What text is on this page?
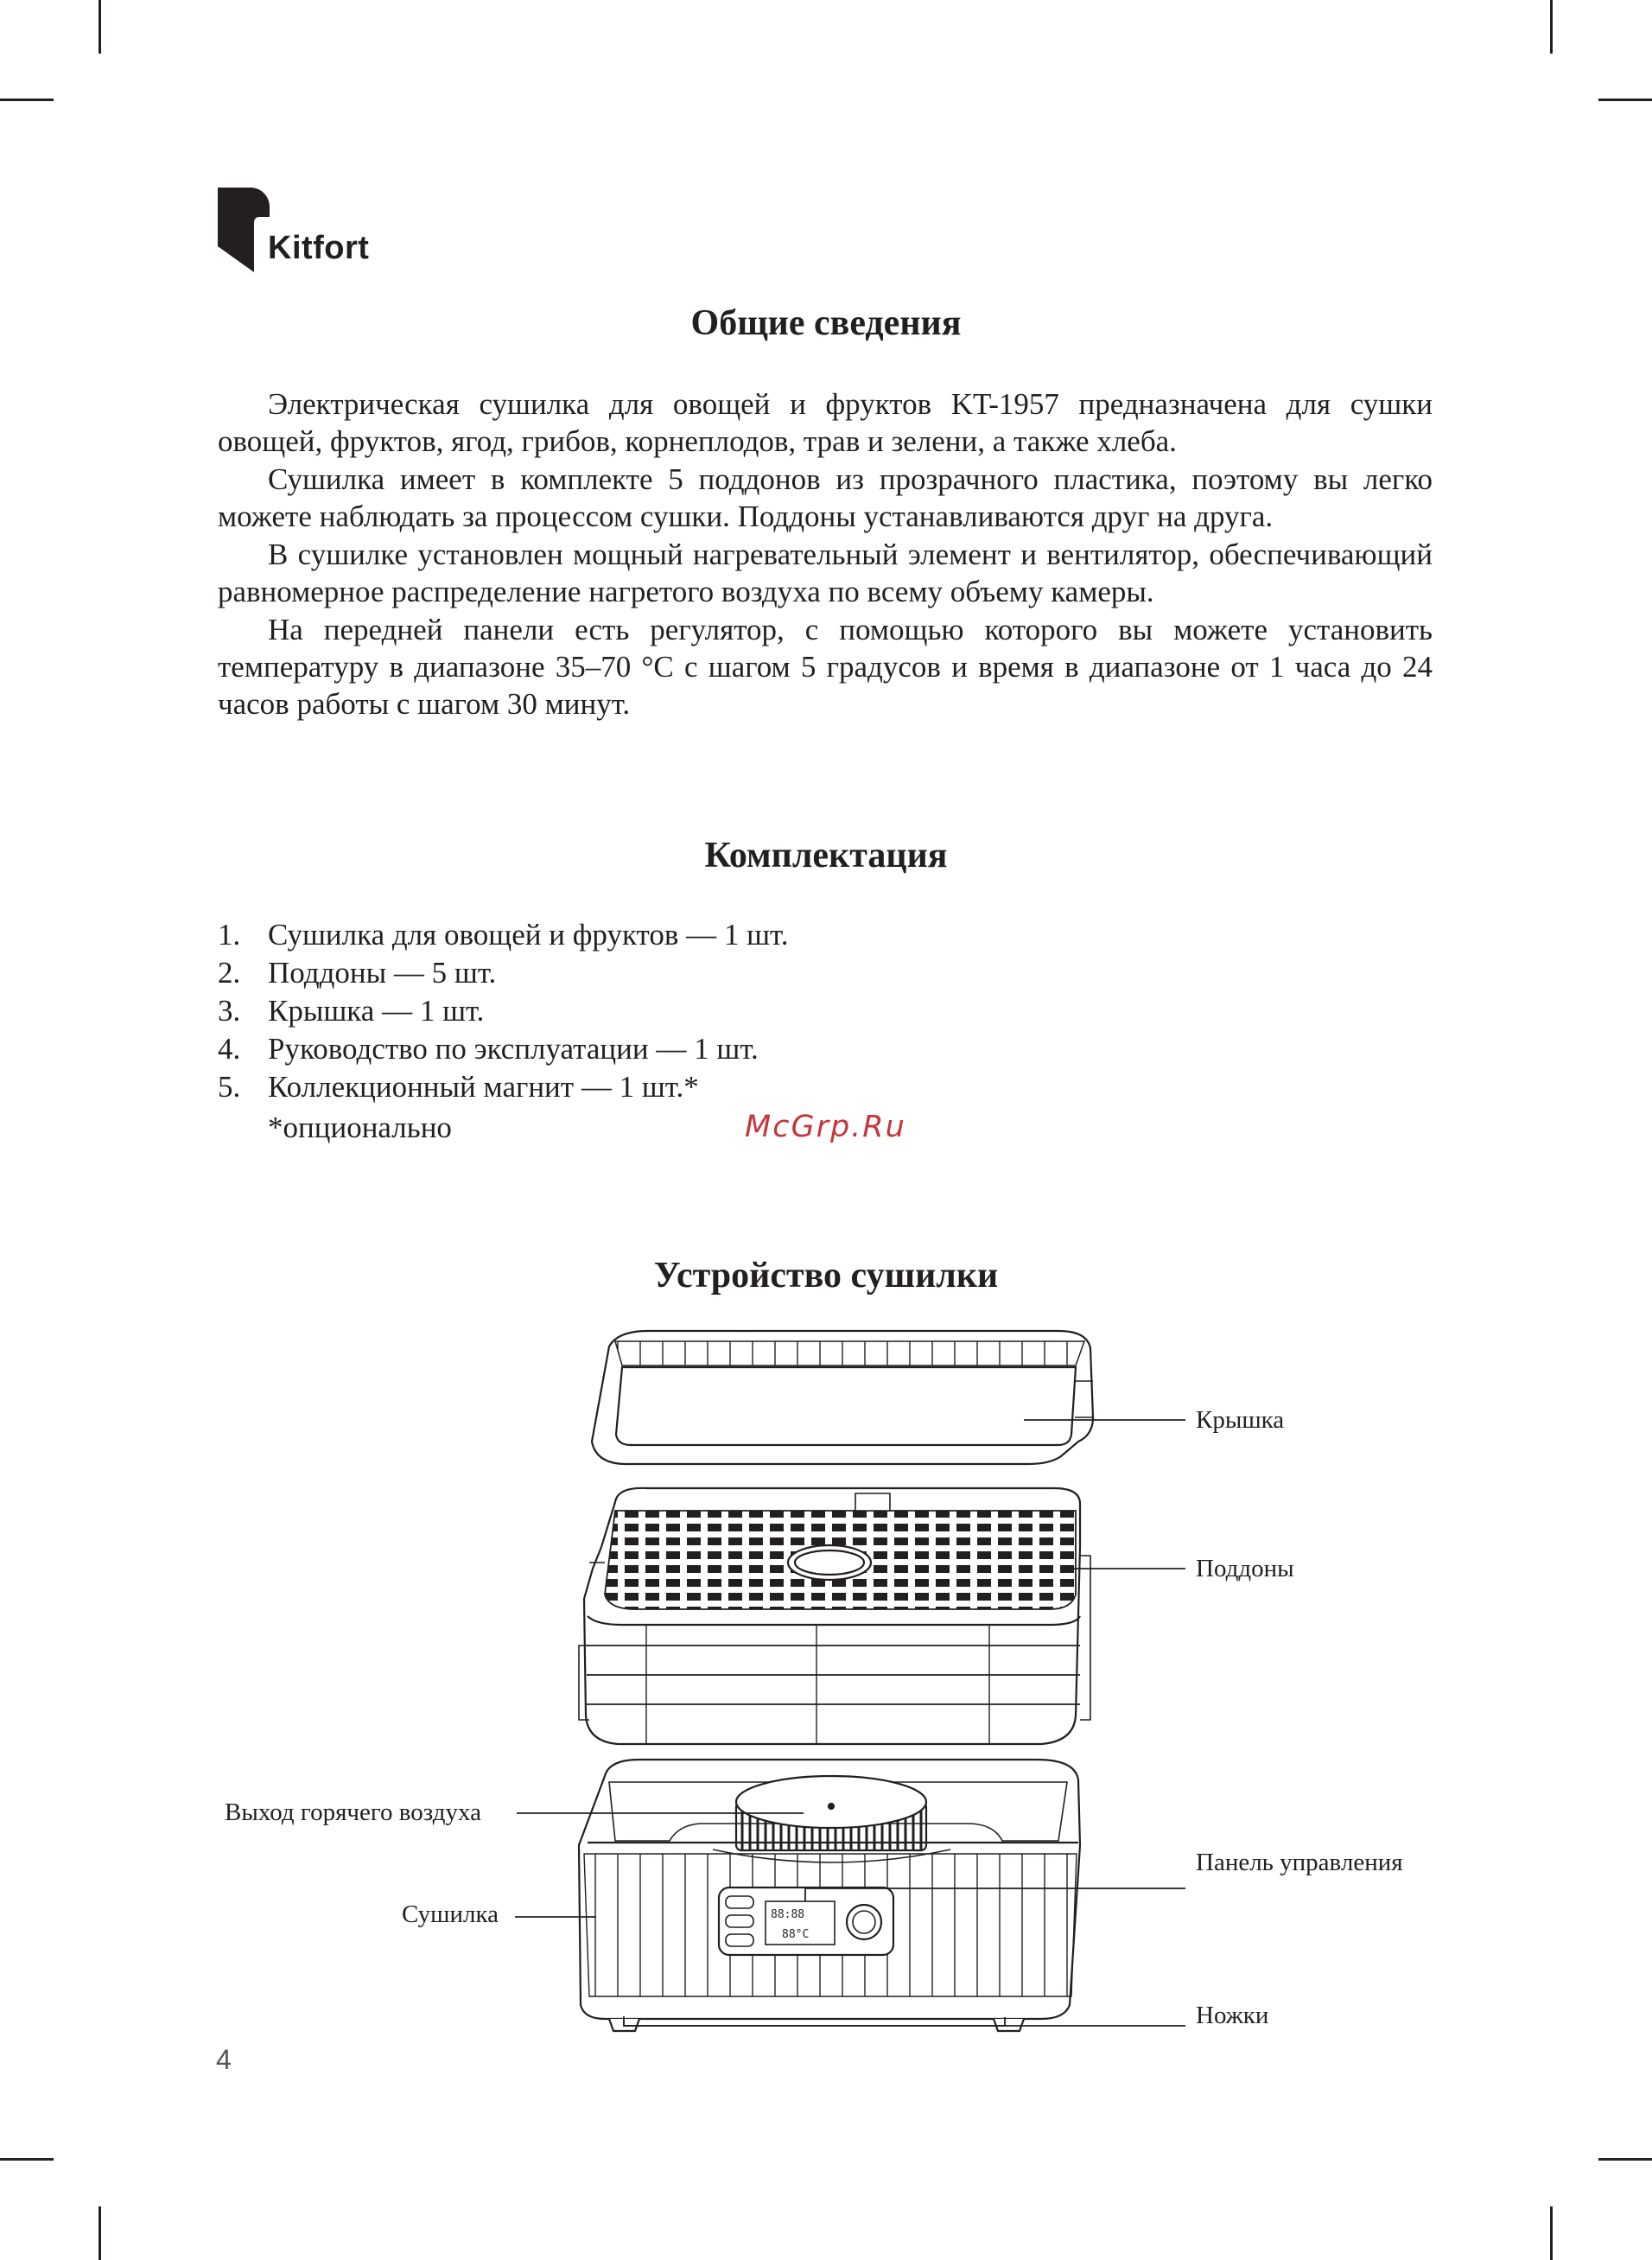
Kitfort
Общие сведения

Электрическая сушилка для овощей и фруктов KT-1957 предназначена для сушки овощей, фруктов, ягод, грибов, корнеплодов, трав и зелени, а также хлеба.

Сушилка имеет в комплекте 5 поддонов из прозрачного пластика, поэтому вы легко можете наблюдать за процессом сушки. Поддоны устанавливаются друг на друга.

В сушилке установлен мощный нагревательный элемент и вентилятор, обеспечивающий равномерное распределение нагретого воздуха по всему объему камеры.

На передней панели есть регулятор, с помощью которого вы можете установить температуру в диапазоне 35–70 °C с шагом 5 градусов и время в диапазоне от 1 часа до 24 часов работы с шагом 30 минут.

Комплектация
1. Сушилка для овощей и фруктов — 1 шт.
2. Поддоны — 5 шт.
3. Крышка — 1 шт.
4. Руководство по эксплуатации — 1 шт.
5. Коллекционный магнит — 1 шт.*
*опционально	McGrp.Ru
Устройство сушилки
88:88
88°C
Крышка
Поддоны
Выход горячего воздуха
Панель управления
Сушилка
Ножки
4
